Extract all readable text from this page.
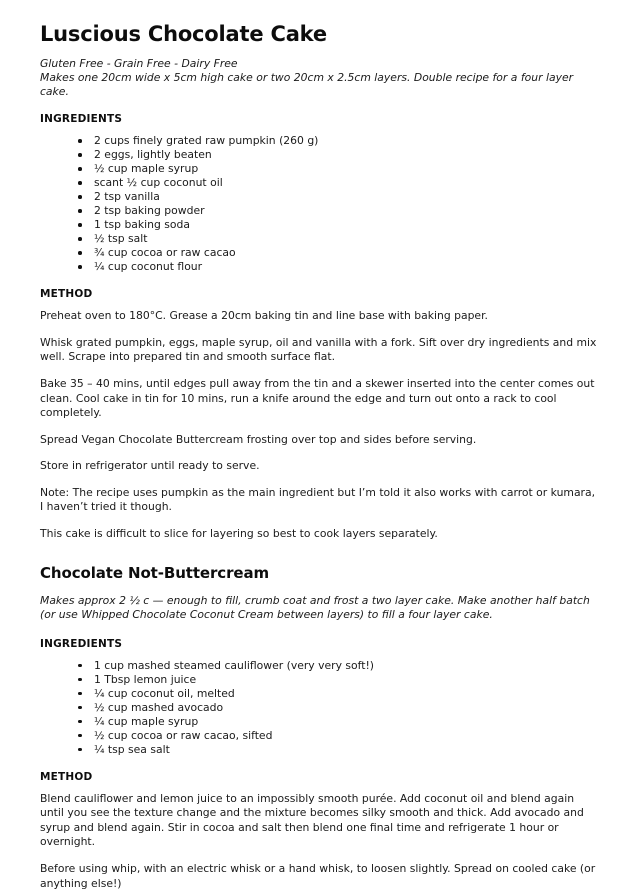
Luscious Chocolate Cake

Gluten Free - Grain Free - Dairy Free

Makes one 20cm wide x 5cm high cake or two 20cm x 2.5cm layers. Double recipe for a four layer cake.

INGREDIENTS
2 cups finely grated raw pumpkin (260 g)
2 eggs, lightly beaten
½ cup maple syrup
scant ½ cup coconut oil
2 tsp vanilla
2 tsp baking powder
1 tsp baking soda
½ tsp salt
¾ cup cocoa or raw cacao
¼ cup coconut flour
METHOD

Preheat oven to 180°C. Grease a 20cm baking tin and line base with baking paper.

Whisk grated pumpkin, eggs, maple syrup, oil and vanilla with a fork. Sift over dry ingredients and mix well. Scrape into prepared tin and smooth surface flat.

Bake 35 – 40 mins, until edges pull away from the tin and a skewer inserted into the center comes out clean. Cool cake in tin for 10 mins, run a knife around the edge and turn out onto a rack to cool completely.

Spread Vegan Chocolate Buttercream frosting over top and sides before serving.

Store in refrigerator until ready to serve.

Note: The recipe uses pumpkin as the main ingredient but I’m told it also works with carrot or kumara, I haven’t tried it though.

This cake is difficult to slice for layering so best to cook layers separately.

Chocolate Not-Buttercream

Makes approx 2 ½ c — enough to fill, crumb coat and frost a two layer cake. Make another half batch (or use Whipped Chocolate Coconut Cream between layers) to fill a four layer cake.

INGREDIENTS
1 cup mashed steamed cauliflower (very very soft!)
1 Tbsp lemon juice
¼ cup coconut oil, melted
½ cup mashed avocado
¼ cup maple syrup
½ cup cocoa or raw cacao, sifted
¼ tsp sea salt
METHOD

Blend cauliflower and lemon juice to an impossibly smooth purée. Add coconut oil and blend again until you see the texture change and the mixture becomes silky smooth and thick. Add avocado and syrup and blend again. Stir in cocoa and salt then blend one final time and refrigerate 1 hour or overnight.

Before using whip, with an electric whisk or a hand whisk, to loosen slightly. Spread on cooled cake (or anything else!)
